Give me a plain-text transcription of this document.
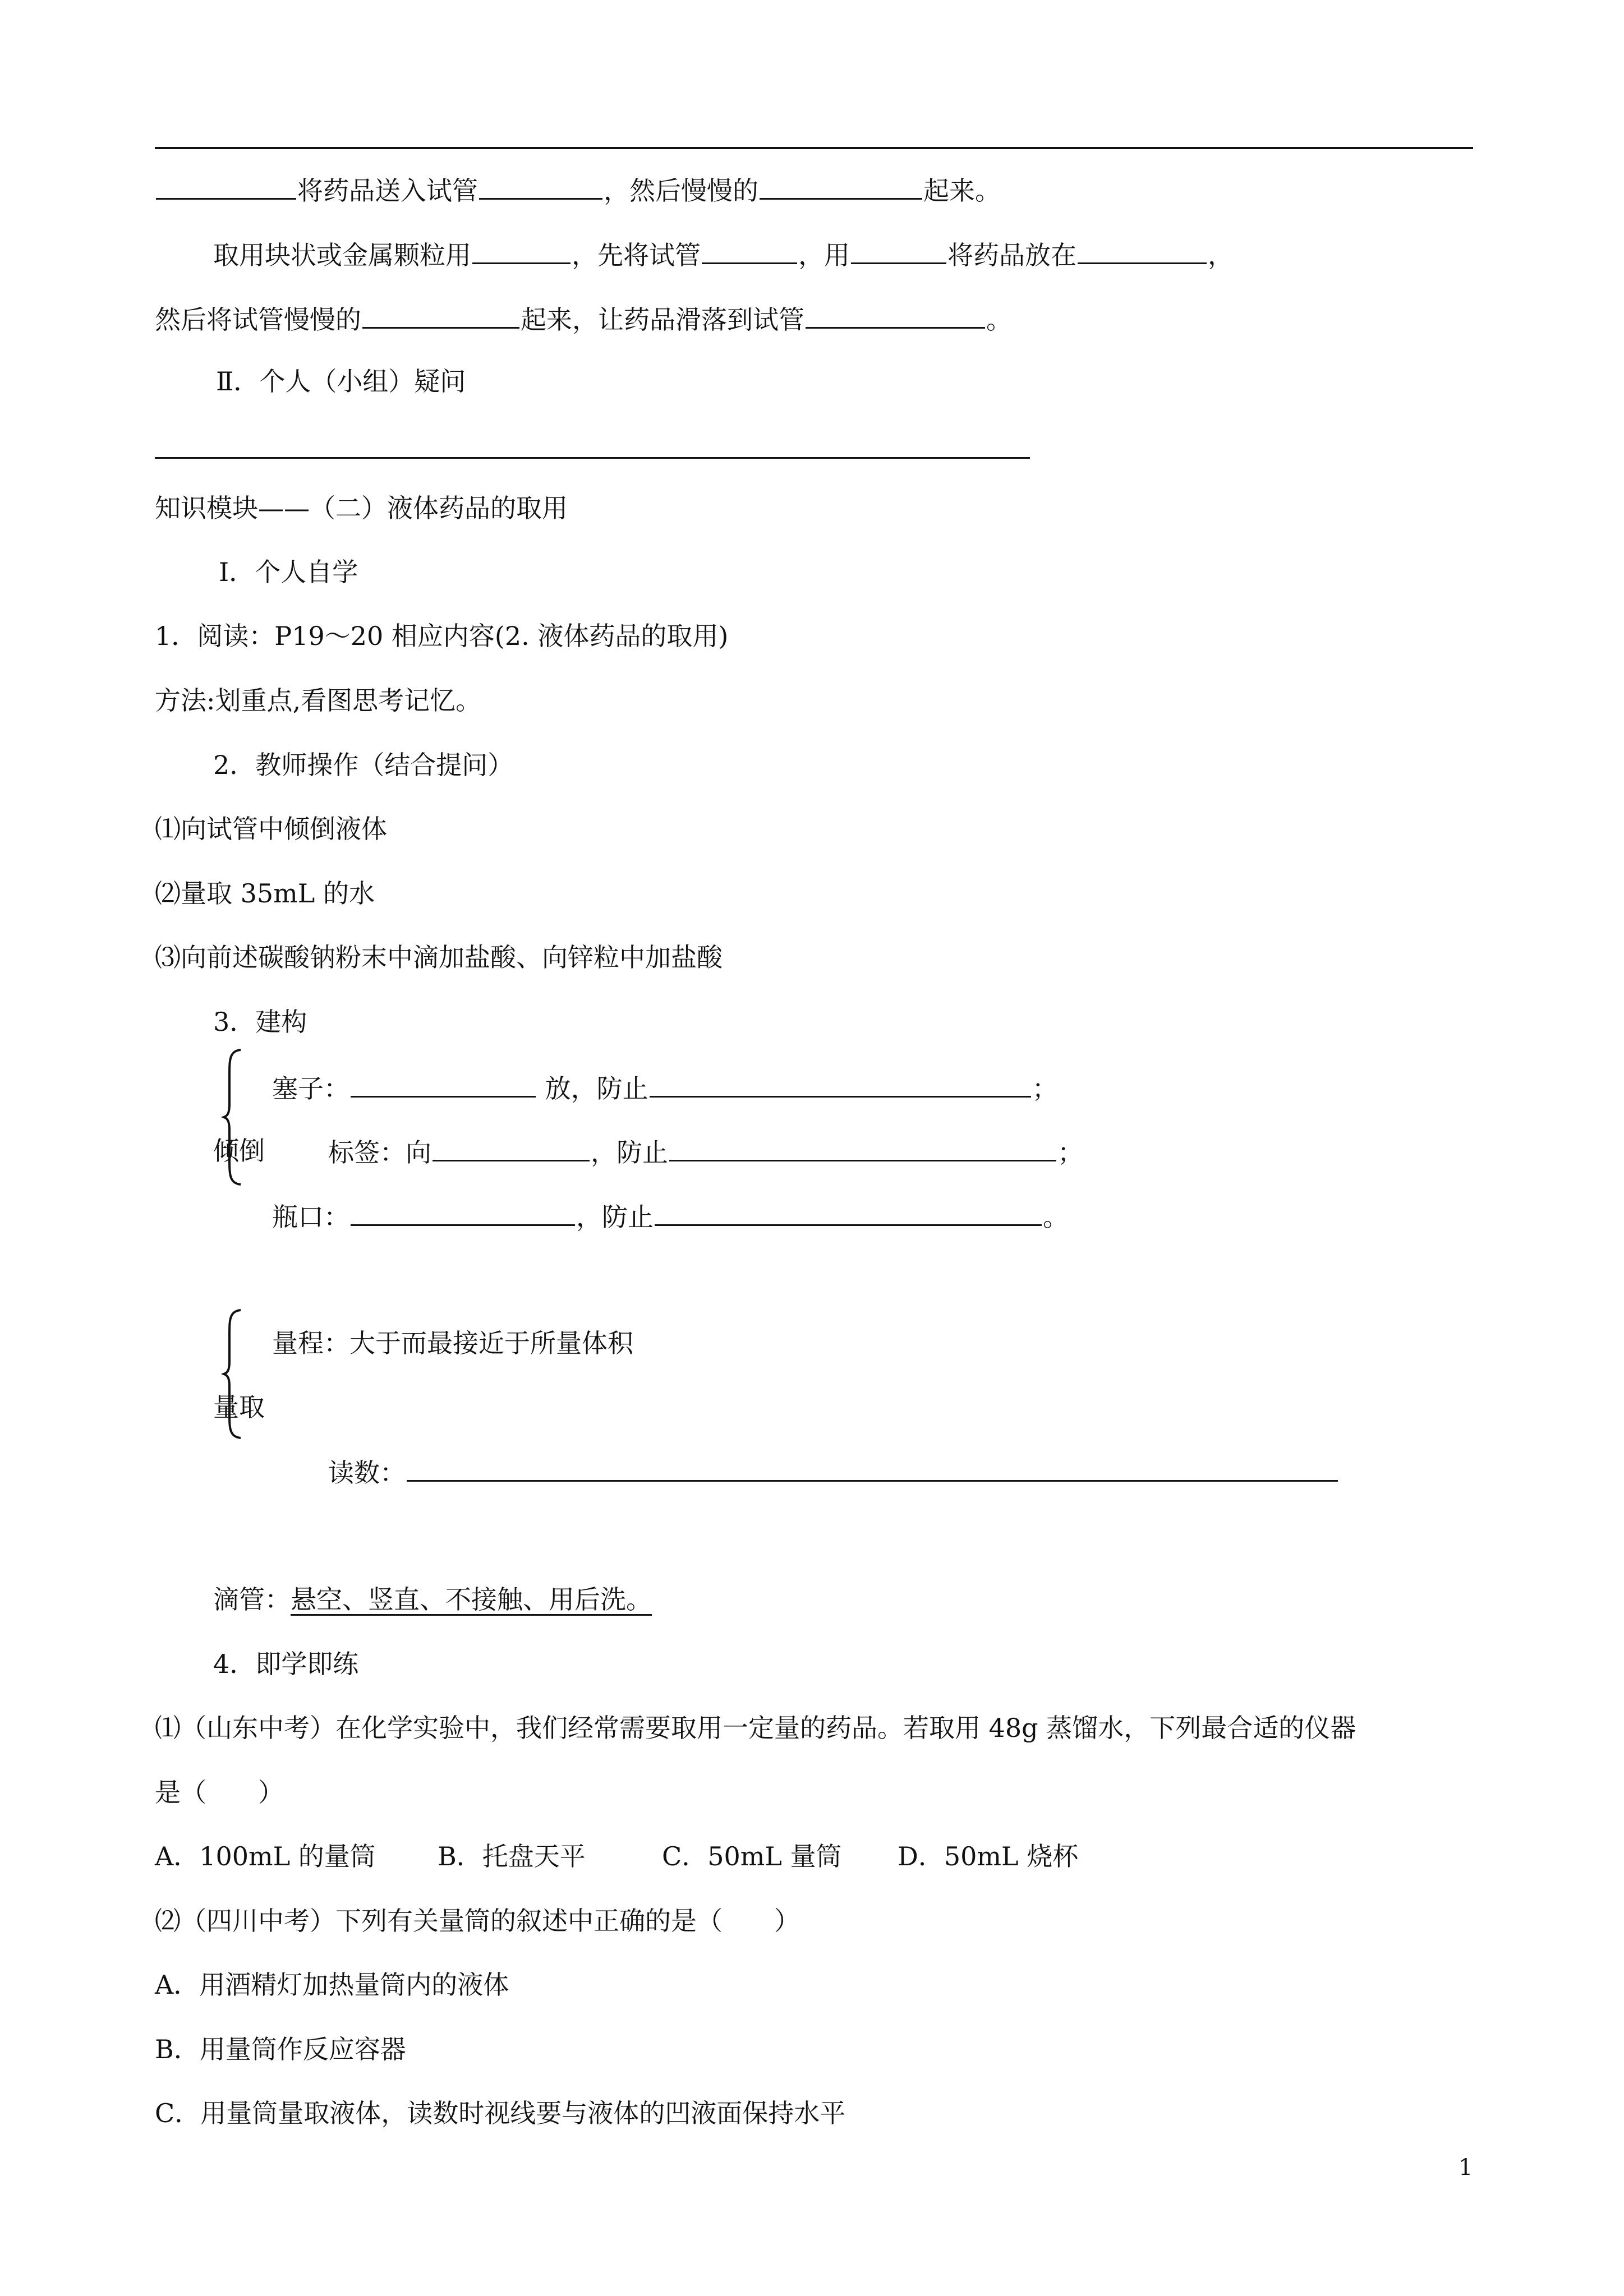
将药品送入试管	，然后慢慢的	起来。
取用块状或金属颗粒用	，先将试管	，用	将药品放在	，
然后将试管慢慢的	起来，让药品滑落到试管	。
Ⅱ．个人（小组）疑问
知识模块——（二）液体药品的取用
Ⅰ．个人自学
1．阅读：P19～20 相应内容(2. 液体药品的取用)
方法:划重点,看图思考记忆。
2．教师操作（结合提问）
⑴向试管中倾倒液体
⑵量取 35mL 的水
⑶向前述碳酸钠粉末中滴加盐酸、向锌粒中加盐酸
3．建构
塞子：	放，防止	；
倾倒 标签：向	，防止	；
瓶口：	，防止	。
量程：大于而最接近于所量体积
量取
读数：
滴管：悬空、竖直、不接触、用后洗。
4．即学即练
⑴（山东中考）在化学实验中，我们经常需要取用一定量的药品。若取用 48g 蒸馏水，下列最合适的仪器
是（　　）
A．100mL 的量筒 B．托盘天平	C．50mL 量筒 D．50mL 烧杯
⑵（四川中考）下列有关量筒的叙述中正确的是（　　）
A．用酒精灯加热量筒内的液体
B．用量筒作反应容器
C．用量筒量取液体，读数时视线要与液体的凹液面保持水平
1
